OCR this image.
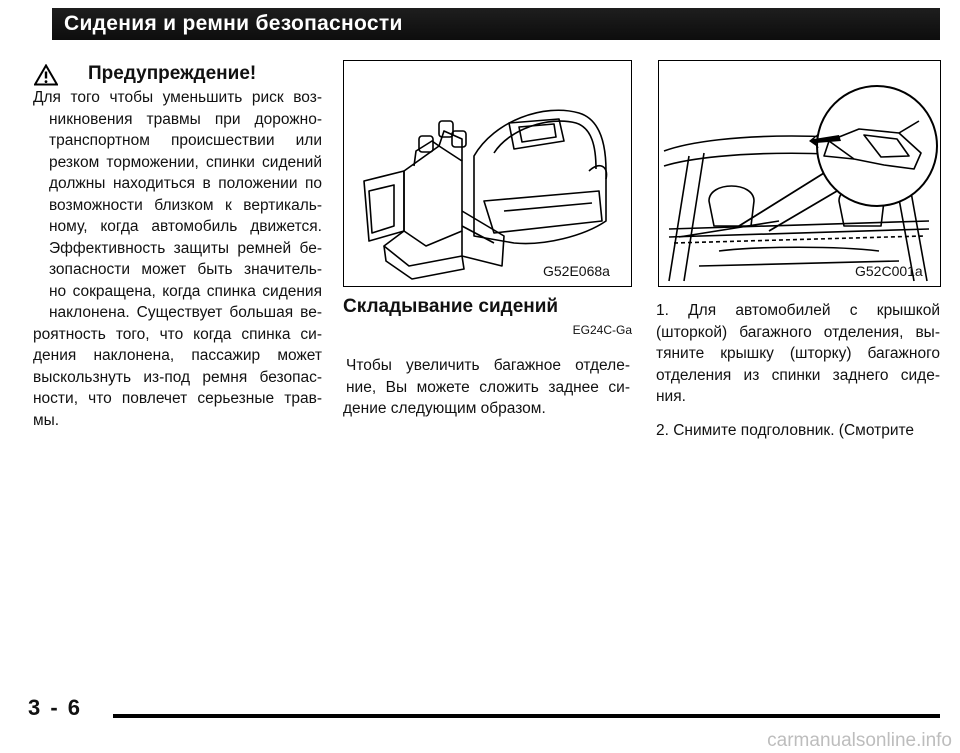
Сидения и ремни безопасности
Предупреждение!
Для того чтобы уменьшить риск воз-
никновения травмы при дорожно-
транспортном происшествии или
резком торможении, спинки сидений
должны находиться в положении по
возможности близком к вертикаль-
ному, когда автомобиль движется.
Эффективность защиты ремней бе-
зопасности может быть значитель-
но сокращена, когда спинка сидения
наклонена. Существует большая ве-
роятность того, что когда спинка си-
дения наклонена, пассажир может
выскользнуть из-под ремня безопас-
ности, что повлечет серьезные трав-
мы.
G52E068a	G52C001a
Складывание сидений
EG24C-Ga
Чтобы увеличить багажное отделе-
ние, Вы можете сложить заднее си-
дение следующим образом.
1. Для автомобилей с крышкой
(шторкой) багажного отделения, вы-
тяните крышку (шторку) багажного
отделения из спинки заднего сиде-
ния.
2. Снимите подголовник. (Смотрите
3 - 6
carmanualsonline.info
